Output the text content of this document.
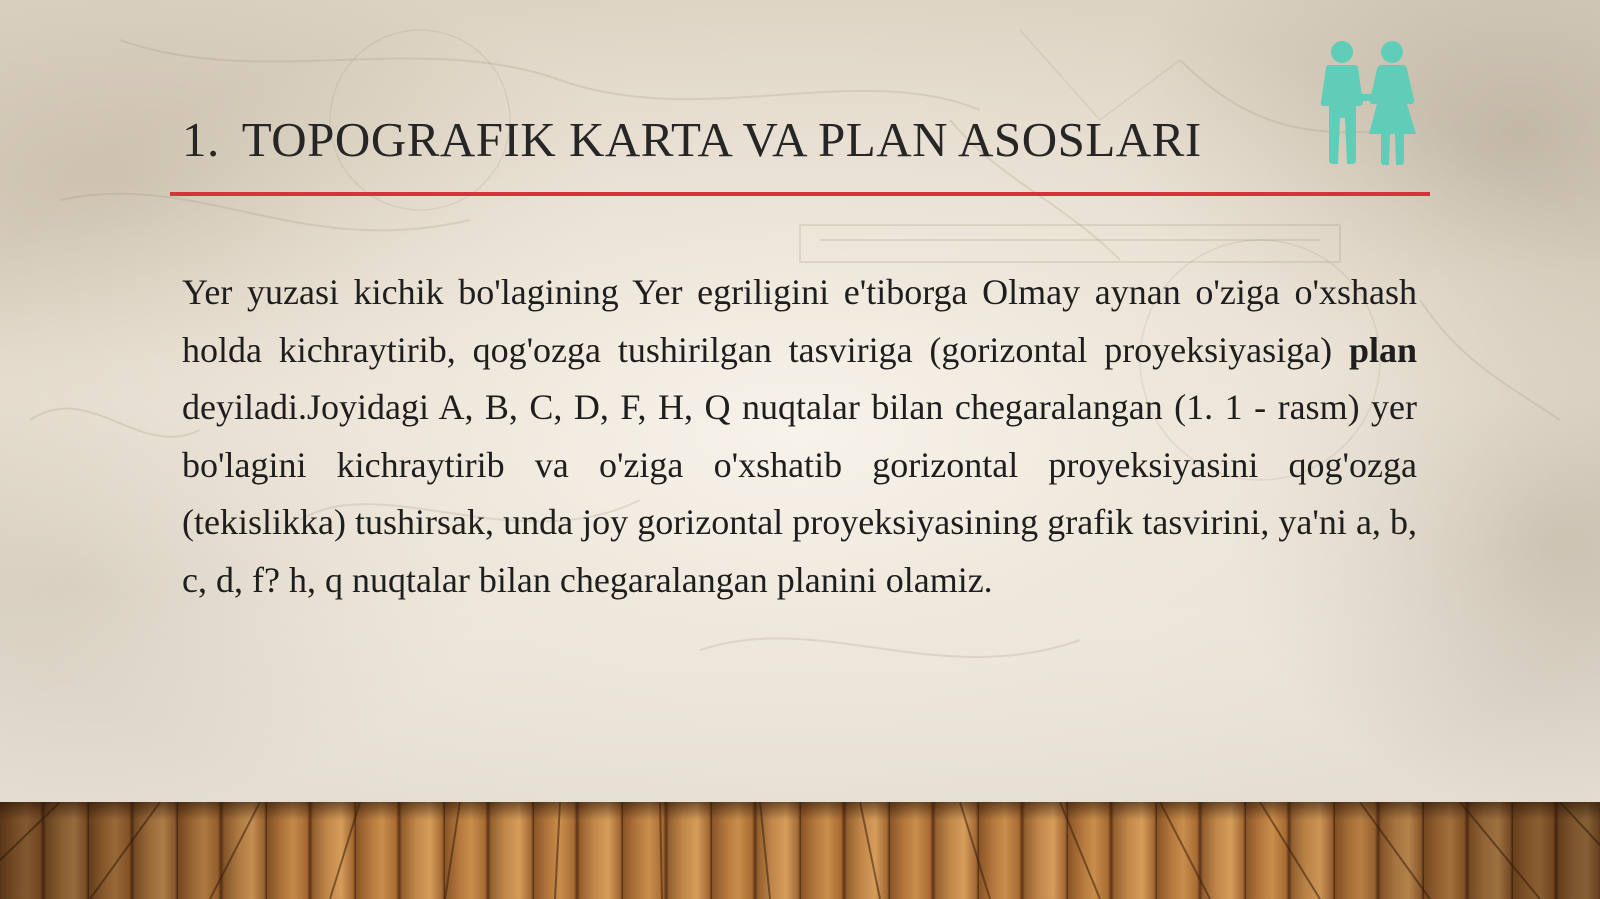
1. TOPOGRAFIK KARTA VA PLAN ASOSLARI
Yer yuzasi kichik bo'lagining Yer egriligini e'tiborga Olmay aynan o'ziga o'xshash holda kichraytirib, qog'ozga tushirilgan tasviriga (gorizontal proyeksiyasiga) plan deyiladi.Joyidagi A, B, C, D, F, H, Q nuqtalar bilan chegaralangan (1. 1 - rasm) yer bo'lagini kichraytirib va o'ziga o'xshatib gorizontal proyeksiyasini qog'ozga (tekislikka) tushirsak, unda joy gorizontal proyeksiyasining grafik tasvirini, ya'ni a, b, c, d, f? h, q nuqtalar bilan chegaralangan planini olamiz.
